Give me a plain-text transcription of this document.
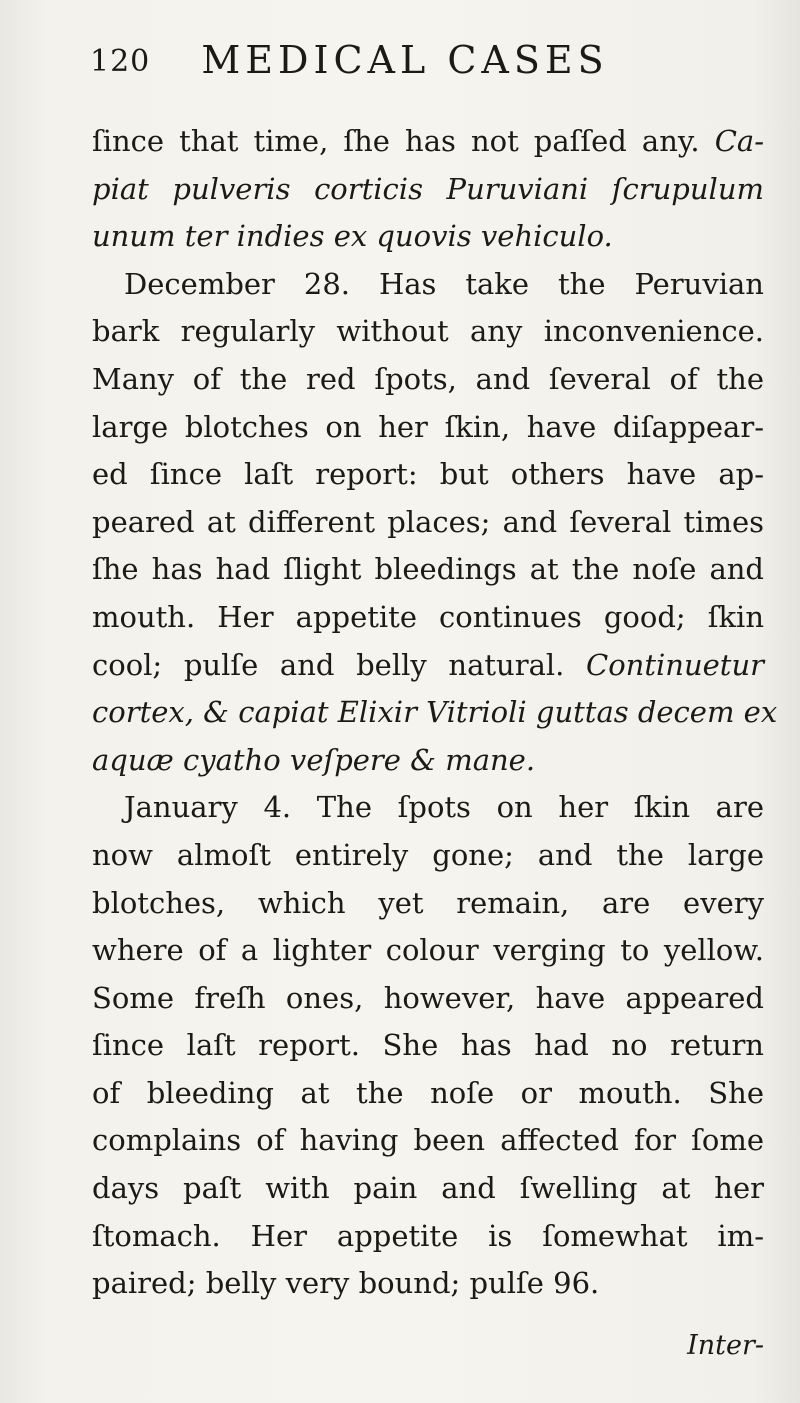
120 MEDICAL CASES
ſince that time, ſhe has not paſſed any. Ca-
piat pulveris corticis Puruviani ſcrupulum
unum ter indies ex quovis vehiculo.
December 28. Has take the Peruvian
bark regularly without any inconvenience.
Many of the red ſpots, and ſeveral of the
large blotches on her ſkin, have diſappear-
ed ſince laſt report: but others have ap-
peared at different places; and ſeveral times
ſhe has had ſlight bleedings at the noſe and
mouth. Her appetite continues good; ſkin
cool; pulſe and belly natural. Continuetur
cortex, & capiat Elixir Vitrioli guttas decem ex
aquæ cyatho veſpere & mane.
January 4. The ſpots on her ſkin are
now almoſt entirely gone; and the large
blotches, which yet remain, are every
where of a lighter colour verging to yellow.
Some freſh ones, however, have appeared
ſince laſt report. She has had no return
of bleeding at the noſe or mouth. She
complains of having been affected for ſome
days paſt with pain and ſwelling at her
ſtomach. Her appetite is ſomewhat im-
paired; belly very bound; pulſe 96.
Inter-
